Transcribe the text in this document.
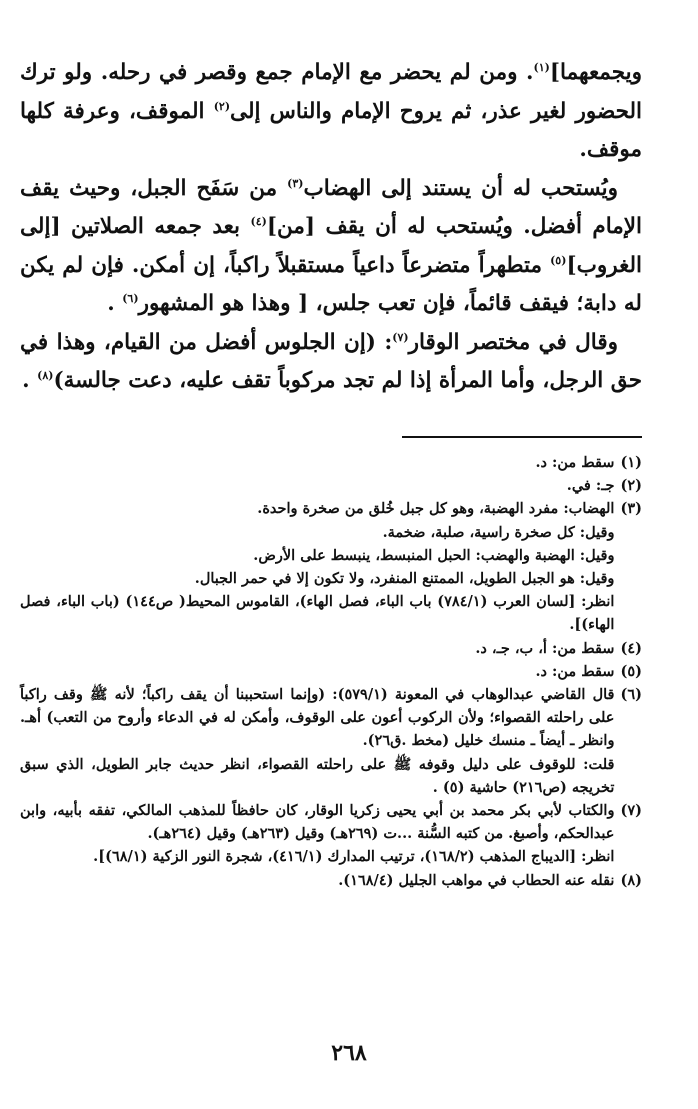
ويجمعهما]$^{(١)}$. ومن لم يحضر مع الإمام جمع وقصر في رحله. ولو ترك الحضور لغير عذر، ثم يروح الإمام والناس إلى$^{(٢)}$ الموقف، وعرفة كلها موقف.

ويُستحب له أن يستند إلى الهضاب$^{(٣)}$ من سَفَح الجبل، وحيث يقف الإمام أفضل. ويُستحب له أن يقف [من]$^{(٤)}$ بعد جمعه الصلاتين [إلى الغروب]$^{(٥)}$ متطهراً متضرعاً داعياً مستقبلاً راكباً، إن أمكن. فإن لم يكن له دابة؛ فيقف قائماً، فإن تعب جلس، [ وهذا هو المشهور$^{(٦)}$ .

وقال في مختصر الوقار$^{(٧)}$: (إن الجلوس أفضل من القيام، وهذا في حق الرجل، وأما المرأة إذا لم تجد مركوباً تقف عليه، دعت جالسة)$^{(٨)}$ .

(١)
سقط من: د.
(٢)
جـ: في.
(٣)
الهضاب: مفرد الهضبة، وهو كل جبل خُلق من صخرة واحدة.
وقيل: كل صخرة راسية، صلبة، ضخمة.
وقيل: الهضبة والهضب: الحبل المنبسط، ينبسط على الأرض.
وقيل: هو الجبل الطويل، الممتنع المنفرد، ولا تكون إلا في حمر الجبال.
انظر: [لسان العرب (٧٨٤/١) باب الباء، فصل الهاء)، القاموس المحيط( ص١٤٤) (باب الباء، فصل الهاء)].
(٤)
سقط من: أ، ب، جـ، د.
(٥)
سقط من: د.
(٦)
قال القاضي عبدالوهاب في المعونة (٥٧٩/١): (وإنما استحببنا أن يقف راكباً؛ لأنه ﷺ وقف راكباً على راحلته القصواء؛ ولأن الركوب أعون على الوقوف، وأمكن له في الدعاء وأروح من التعب) أهـ. وانظر ـ أيضاً ـ منسك خليل (مخط .ق٢٦).
قلت: للوقوف على دليل وقوفه ﷺ على راحلته القصواء، انظر حديث جابر الطويل، الذي سبق تخريجه (ص٢١٦) حاشية (٥) .
(٧)
والكتاب لأبي بكر محمد بن أبي يحيى زكريا الوقار، كان حافظاً للمذهب المالكي، تفقه بأبيه، وابن عبدالحكم، وأصبغ. من كتبه السُّنة ...ت (٢٦٩هـ) وقيل (٢٦٣هـ) وقيل (٢٦٤هـ).
انظر: [الديباج المذهب (١٦٨/٢)، ترتيب المدارك (٤١٦/١)، شجرة النور الزكية (٦٨/١)].
(٨)
نقله عنه الحطاب في مواهب الجليل (١٦٨/٤).
٢٦٨
